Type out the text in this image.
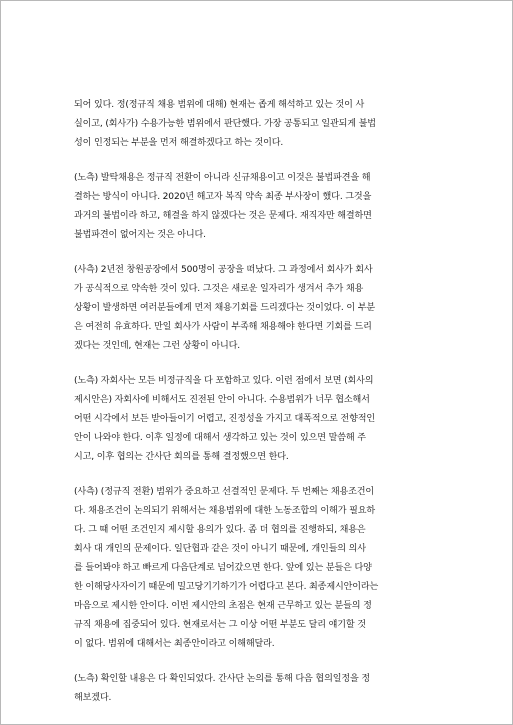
되어 있다. 정(정규직 채용 범위에 대해) 현재는 좁게 해석하고 있는 것이 사
실이고, (회사가) 수용가능한 범위에서 판단했다. 가장 공통되고 일관되게 불법
성이 인정되는 부분을 먼저 해결하겠다고 하는 것이다.

(노측) 발탁채용은 정규직 전환이 아니라 신규채용이고 이것은 불법파견을 해
결하는 방식이 아니다. 2020년 해고자 복직 약속 최종 부사장이 했다. 그것을
과거의 불법이라 하고, 해결을 하지 않겠다는 것은 문제다. 재직자만 해결하면
불법파견이 없어지는 것은 아니다.

(사측) 2년전 창원공장에서 500명이 공장을 떠났다. 그 과정에서 회사가 회사
가 공식적으로 약속한 것이 있다. 그것은 새로운 일자리가 생겨서 추가 채용
상황이 발생하면 여러분들에게 먼저 채용기회를 드리겠다는 것이었다. 이 부분
은 여전히 유효하다. 만일 회사가 사람이 부족해 채용해야 한다면 기회를 드리
겠다는 것인데, 현재는 그런 상황이 아니다.

(노측) 자회사는 모든 비정규직을 다 포함하고 있다. 이런 점에서 보면 (회사의
제시안은) 자회사에 비해서도 진전된 안이 아니다. 수용범위가 너무 협소해서
어떤 시각에서 보든 받아들이기 어렵고, 진정성을 가지고 대폭적으로 전향적인
안이 나와야 한다. 이후 일정에 대해서 생각하고 있는 것이 있으면 말씀해 주
시고, 이후 협의는 간사단 회의를 통해 결정했으면 한다.

(사측) (정규직 전환) 범위가 중요하고 선결적인 문제다. 두 번째는 채용조건이
다. 채용조건이 논의되기 위해서는 채용범위에 대한 노동조합의 이해가 필요하
다. 그 때 어떤 조건인지 제시할 용의가 있다. 좀 더 협의를 진행하되, 채용은
회사 대 개인의 문제이다. 일단협과 같은 것이 아니기 때문에, 개인들의 의사
를 들어봐야 하고 빠르게 다음단계로 넘어갔으면 한다. 앞에 있는 분들은 다양
한 이해당사자이기 때문에 밀고당기기하기가 어렵다고 본다. 최종제시안이라는
마음으로 제시한 안이다. 이번 제시안의 초점은 현재 근무하고 있는 분들의 정
규직 채용에 집중되어 있다. 현재로서는 그 이상 어떤 부분도 달리 얘기할 것
이 없다. 범위에 대해서는 최종안이라고 이해해달라.

(노측) 확인할 내용은 다 확인되었다. 간사단 논의를 통해 다음 협의일정을 정
해보겠다.
